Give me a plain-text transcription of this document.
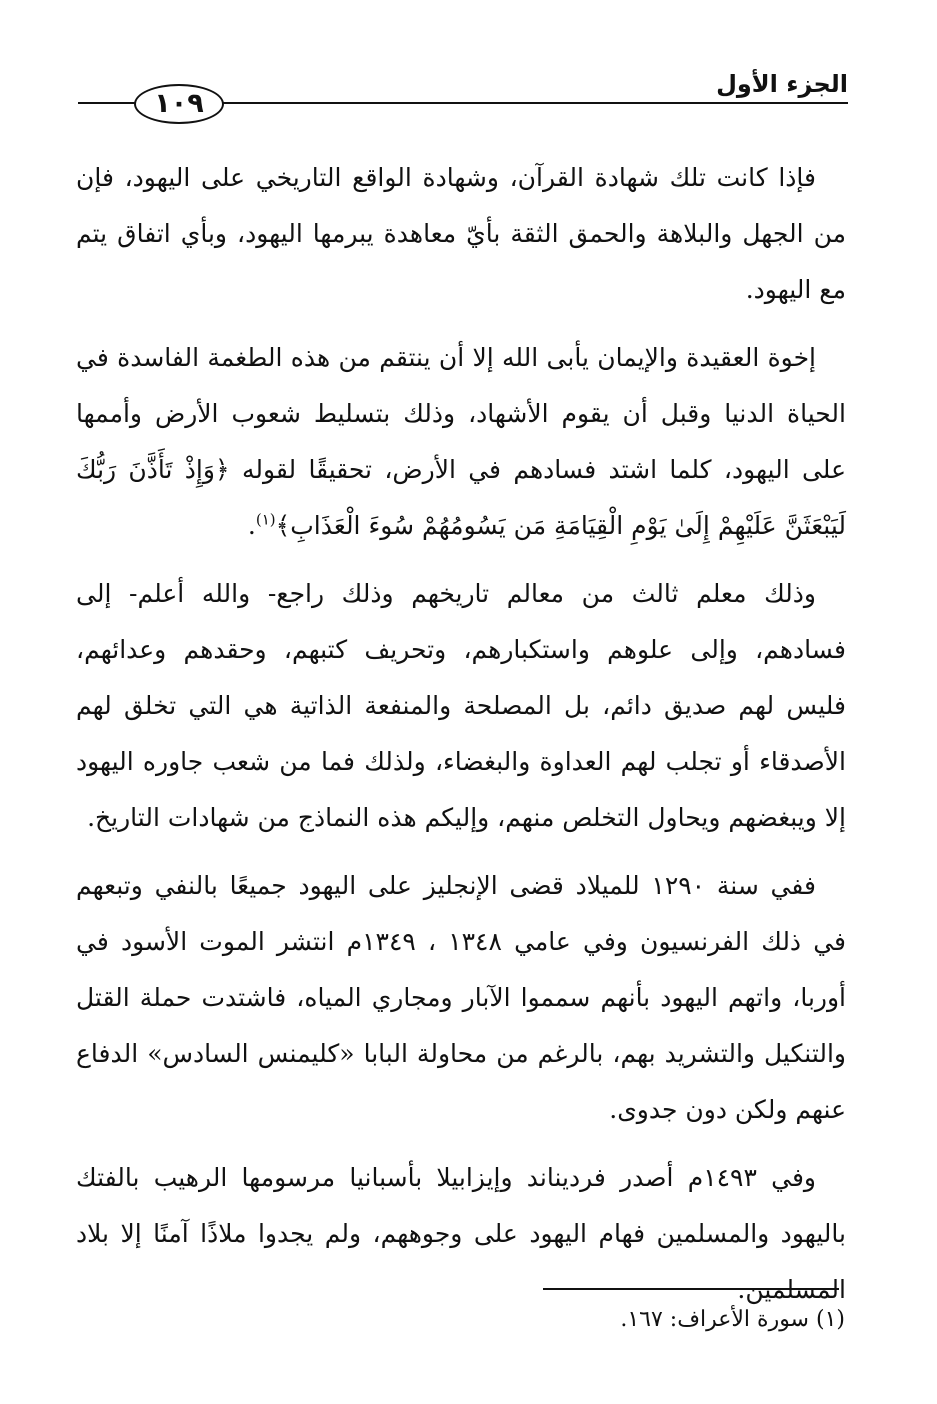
١٠٩
الجزء الأول

فإذا كانت تلك شهادة القرآن، وشهادة الواقع التاريخي على اليهود، فإن من الجهل والبلاهة والحمق الثقة بأيّ معاهدة يبرمها اليهود، وبأي اتفاق يتم مع اليهود.

إخوة العقيدة والإيمان يأبى الله إلا أن ينتقم من هذه الطغمة الفاسدة في الحياة الدنيا وقبل أن يقوم الأشهاد، وذلك بتسليط شعوب الأرض وأممها على اليهود، كلما اشتد فسادهم في الأرض، تحقيقًا لقوله ﴿وَإِذْ تَأَذَّنَ رَبُّكَ لَيَبْعَثَنَّ عَلَيْهِمْ إِلَىٰ يَوْمِ الْقِيَامَةِ مَن يَسُومُهُمْ سُوءَ الْعَذَابِ﴾$^{(١)}$.

وذلك معلم ثالث من معالم تاريخهم وذلك راجع- والله أعلم- إلى فسادهم، وإلى علوهم واستكبارهم، وتحريف كتبهم، وحقدهم وعدائهم، فليس لهم صديق دائم، بل المصلحة والمنفعة الذاتية هي التي تخلق لهم الأصدقاء أو تجلب لهم العداوة والبغضاء، ولذلك فما من شعب جاوره اليهود إلا ويبغضهم ويحاول التخلص منهم، وإليكم هذه النماذج من شهادات التاريخ.

ففي سنة ١٢٩٠ للميلاد قضى الإنجليز على اليهود جميعًا بالنفي وتبعهم في ذلك الفرنسيون وفي عامي ١٣٤٨ ، ١٣٤٩م انتشر الموت الأسود في أوربا، واتهم اليهود بأنهم سمموا الآبار ومجاري المياه، فاشتدت حملة القتل والتنكيل والتشريد بهم، بالرغم من محاولة البابا «كليمنس السادس» الدفاع عنهم ولكن دون جدوى.

وفي ١٤٩٣م أصدر فرديناند وإيزابيلا بأسبانيا مرسومها الرهيب بالفتك باليهود والمسلمين فهام اليهود على وجوههم، ولم يجدوا ملاذًا آمنًا إلا بلاد المسلمين.

(١) سورة الأعراف: ١٦٧.
